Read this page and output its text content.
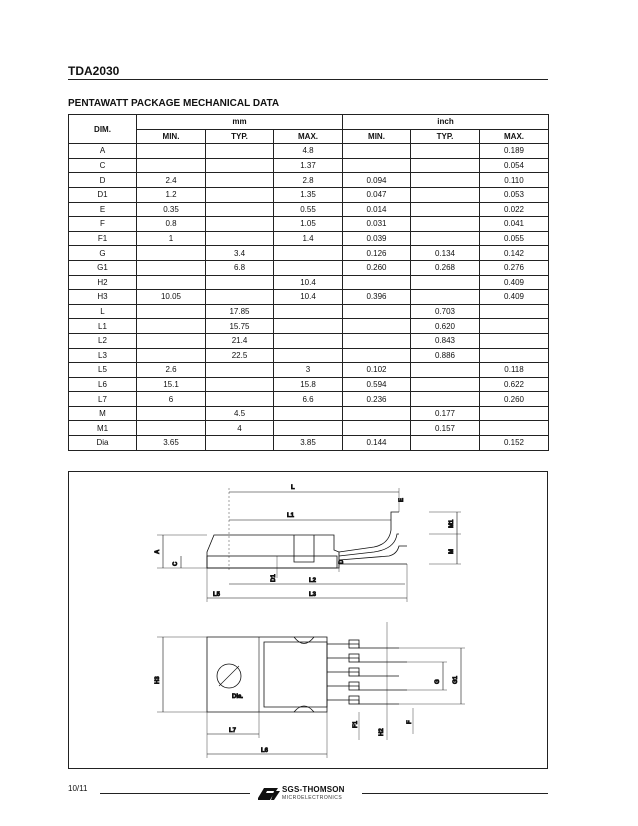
TDA2030
PENTAWATT PACKAGE MECHANICAL DATA
DIM.	mm			inch		
	MIN.	TYP.	MAX.	MIN.	TYP.	MAX.
A			4.8			0.189
C			1.37			0.054
D	2.4		2.8	0.094		0.110
D1	1.2		1.35	0.047		0.053
E	0.35		0.55	0.014		0.022
F	0.8		1.05	0.031		0.041
F1	1		1.4	0.039		0.055
G		3.4		0.126	0.134	0.142
G1		6.8		0.260	0.268	0.276
H2			10.4			0.409
H3	10.05		10.4	0.396		0.409
L		17.85			0.703	
L1		15.75			0.620	
L2		21.4			0.843	
L3		22.5			0.886	
L5	2.6		3	0.102		0.118
L6	15.1		15.8	0.594		0.622
L7	6		6.6	0.236		0.260
M		4.5			0.177	
M1		4			0.157	
Dia	3.65		3.85	0.144		0.152
L
L1
E
M1
M
A
C
D1
D
L2
L5	L3
H3
Dia.
G G1
L7
L6
F1
H2
F
10/11	SGS-THOMSON
MICROELECTRONICS
